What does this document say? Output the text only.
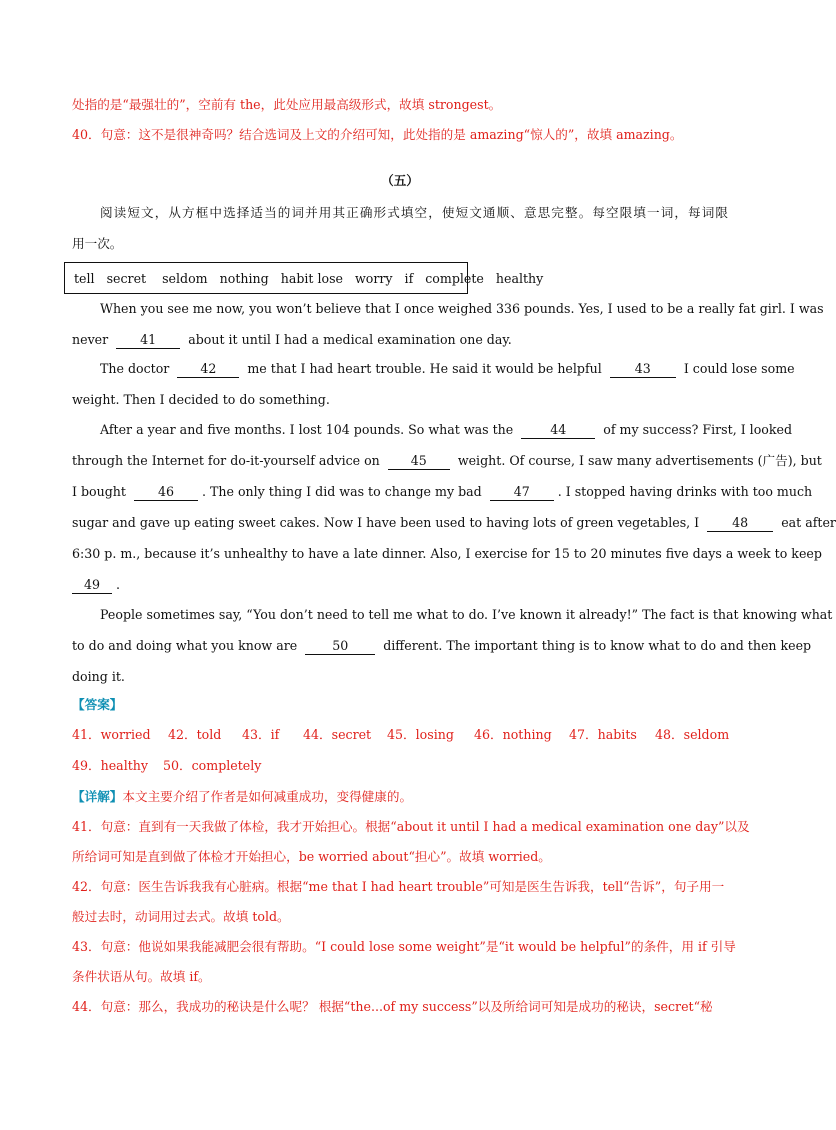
处指的是“最强壮的”，空前有 the，此处应用最高级形式，故填 strongest。
40．句意：这不是很神奇吗？结合选词及上文的介绍可知，此处指的是 amazing“惊人的”，故填 amazing。
（五）
阅读短文，从方框中选择适当的词并用其正确形式填空，使短文通顺、意思完整。每空限填一词，每词限
用一次。
tell   secret    seldom   nothing   habit lose   worry   if   complete   healthy
When you see me now, you won’t believe that I once weighed 336 pounds. Yes, I used to be a really fat girl. I was
never	41	about it until I had a medical examination one day.
The doctor 42 me that I had heart trouble. He said it would be helpful	43	I could lose some
weight. Then I decided to do something.
After a year and five months. I lost 104 pounds. So what was the	44	of my success? First, I looked
through the Internet for do-it-yourself advice on 45 weight. Of course, I saw many advertisements (广告), but
I bought	46 . The only thing I did was to change my bad	47 . I stopped having drinks with too much
sugar and gave up eating sweet cakes. Now I have been used to having lots of green vegetables, I	48	eat after
6:30 p. m., because it’s unhealthy to have a late dinner. Also, I exercise for 15 to 20 minutes five days a week to keep
49 .
People sometimes say, “You don’t need to tell me what to do. I’ve known it already!” The fact is that knowing what
to do and doing what you know are	50	different. The important thing is to know what to do and then keep
doing it.
【答案】
41．worried 42．told 43．if 44．secret 45．losing 46．nothing 47．habits 48．seldom
49．healthy 50．completely
【详解】本文主要介绍了作者是如何减重成功，变得健康的。
41．句意：直到有一天我做了体检，我才开始担心。根据“about it until I had a medical examination one day”以及
所给词可知是直到做了体检才开始担心，be worried about“担心”。故填 worried。
42．句意：医生告诉我我有心脏病。根据“me that I had heart trouble”可知是医生告诉我，tell“告诉”，句子用一
般过去时，动词用过去式。故填 told。
43．句意：他说如果我能减肥会很有帮助。“I could lose some weight”是“it would be helpful”的条件，用 if 引导
条件状语从句。故填 if。
44．句意：那么，我成功的秘诀是什么呢？ 根据“the...of my success”以及所给词可知是成功的秘诀，secret“秘
